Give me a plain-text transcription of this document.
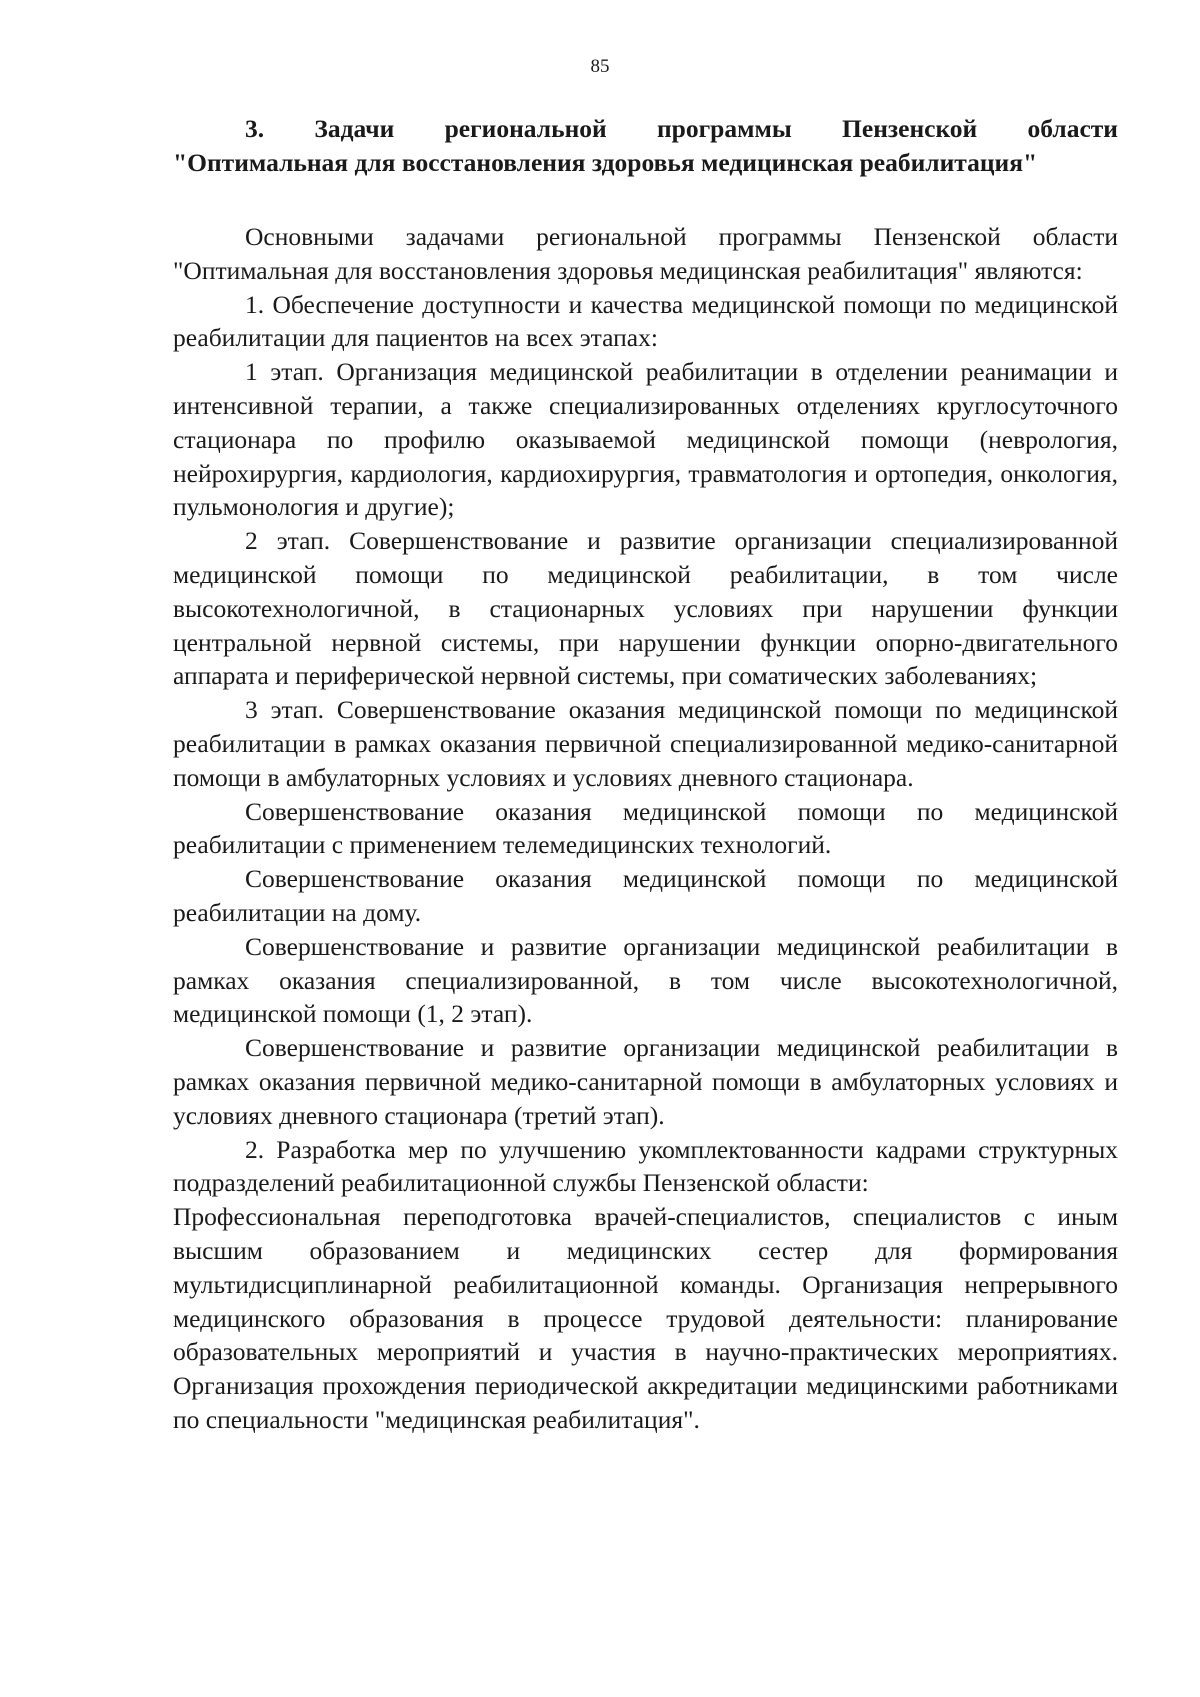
85
3. Задачи региональной программы Пензенской области
"Оптимальная для восстановления здоровья медицинская реабилитация"

Основными задачами региональной программы Пензенской области "Оптимальная для восстановления здоровья медицинская реабилитация" являются:

1. Обеспечение доступности и качества медицинской помощи по медицинской реабилитации для пациентов на всех этапах:

1 этап. Организация медицинской реабилитации в отделении реанимации и интенсивной терапии, а также специализированных отделениях круглосуточного стационара по профилю оказываемой медицинской помощи (неврология, нейрохирургия, кардиология, кардиохирургия, травматология и ортопедия, онкология, пульмонология и другие);

2 этап. Совершенствование и развитие организации специализированной медицинской помощи по медицинской реабилитации, в том числе высокотехнологичной, в стационарных условиях при нарушении функции центральной нервной системы, при нарушении функции опорно-двигательного аппарата и периферической нервной системы, при соматических заболеваниях;

3 этап. Совершенствование оказания медицинской помощи по медицинской реабилитации в рамках оказания первичной специализированной медико-санитарной помощи в амбулаторных условиях и условиях дневного стационара.

Совершенствование оказания медицинской помощи по медицинской реабилитации с применением телемедицинских технологий.

Совершенствование оказания медицинской помощи по медицинской реабилитации на дому.

Совершенствование и развитие организации медицинской реабилитации в рамках оказания специализированной, в том числе высокотехнологичной, медицинской помощи (1, 2 этап).

Совершенствование и развитие организации медицинской реабилитации в рамках оказания первичной медико-санитарной помощи в амбулаторных условиях и условиях дневного стационара (третий этап).

2. Разработка мер по улучшению укомплектованности кадрами структурных подразделений реабилитационной службы Пензенской области:

Профессиональная переподготовка врачей-специалистов, специалистов с иным высшим образованием и медицинских сестер для формирования мультидисциплинарной реабилитационной команды. Организация непрерывного медицинского образования в процессе трудовой деятельности: планирование образовательных мероприятий и участия в научно-практических мероприятиях. Организация прохождения периодической аккредитации медицинскими работниками по специальности "медицинская реабилитация".
